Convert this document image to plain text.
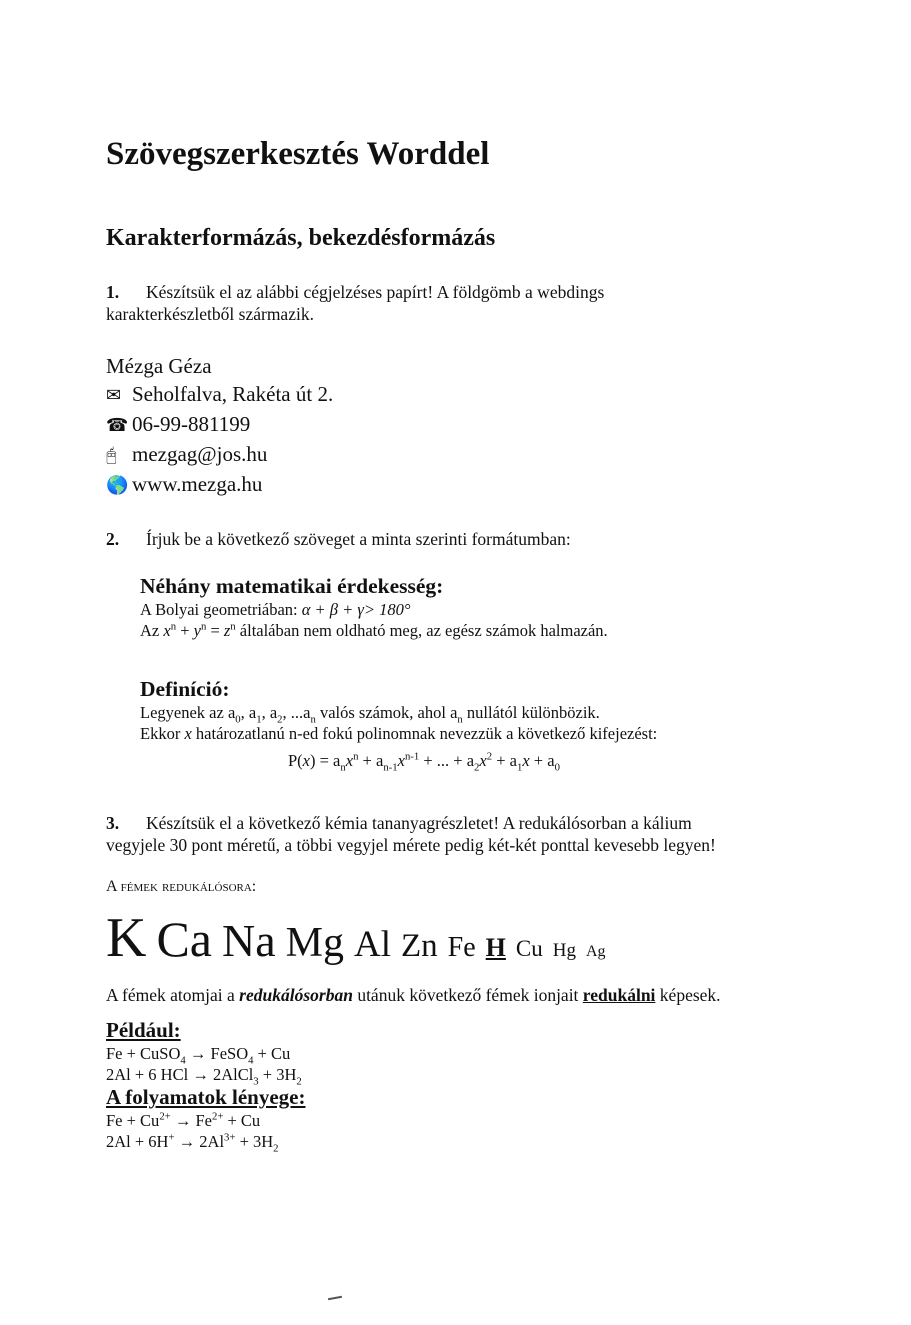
Szövegszerkesztés Worddel
Karakterformázás, bekezdésformázás
1. Készítsük el az alábbi cégjelzéses papírt! A földgömb a webdings
karakterkészletből származik.
Mézga Géza
✉ Seholfalva, Rakéta út 2.
☎ 06-99-881199
🖰 mezgag@jos.hu
🌎 www.mezga.hu
2. Írjuk be a következő szöveget a minta szerinti formátumban:
Néhány matematikai érdekesség:
A Bolyai geometriában: α + β + γ> 180°
Az $x^n + y^n = z^n$ általában nem oldható meg, az egész számok halmazán.
Definíció:
Legyenek az $a_0$, $a_1$, $a_2$, $...a_n$ valós számok, ahol $a_n$ nullától különbözik.
Ekkor x határozatlanú n-ed fokú polinomnak nevezzük a következő kifejezést:
$P(x) = a_nx^n + a_{n-1}x^{n-1}$ + ... + $a_2x^2 + a_1x + a_0$
3. Készítsük el a következő kémia tananyagrészletet! A redukálósorban a kálium
vegyjele 30 pont méretű, a többi vegyjel mérete pedig két-két ponttal kevesebb legyen!
A fémek redukálósora:
K Ca Na Mg Al Zn Fe H Cu Hg Ag
A fémek atomjai a redukálósorban utánuk következő fémek ionjait redukálni képesek.
Például:
Fe + CuSO$_4$ → FeSO$_4$ + Cu
2Al + 6 HCl → 2AlCl$_3$ + $3H_2$
A folyamatok lényege:
$Fe + Cu^{2+} \to Fe^{2+} + Cu$
$2Al + 6H^+ \to 2Al^{3+} + 3H_2$
